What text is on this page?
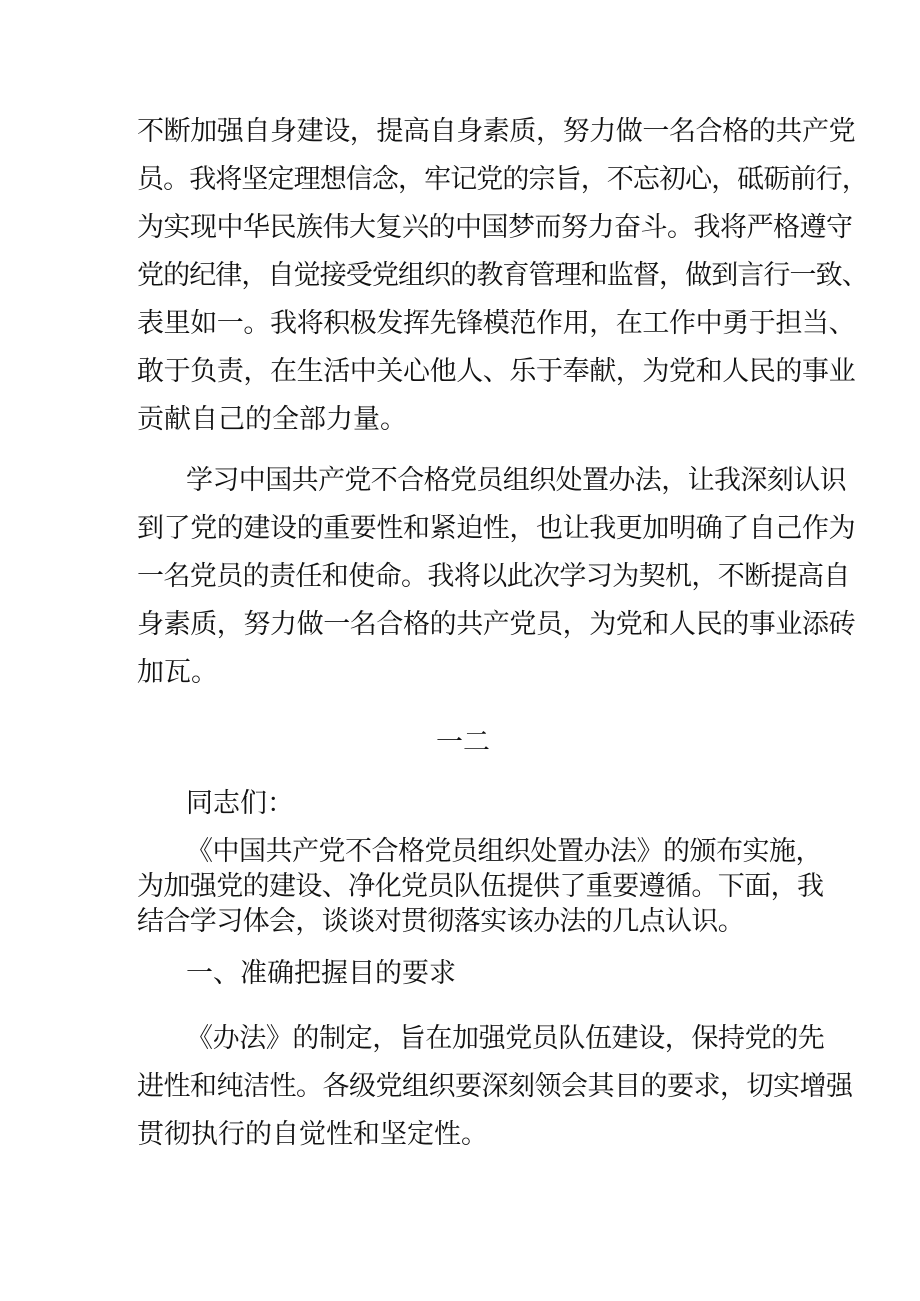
不断加强自身建设，提高自身素质，努力做一名合格的共产党
员。我将坚定理想信念，牢记党的宗旨，不忘初心，砥砺前行，
为实现中华民族伟大复兴的中国梦而努力奋斗。我将严格遵守
党的纪律，自觉接受党组织的教育管理和监督，做到言行一致、
表里如一。我将积极发挥先锋模范作用，在工作中勇于担当、
敢于负责，在生活中关心他人、乐于奉献，为党和人民的事业
贡献自己的全部力量。
学习中国共产党不合格党员组织处置办法，让我深刻认识
到了党的建设的重要性和紧迫性，也让我更加明确了自己作为
一名党员的责任和使命。我将以此次学习为契机，不断提高自
身素质，努力做一名合格的共产党员，为党和人民的事业添砖
加瓦。
一二
同志们：
《中国共产党不合格党员组织处置办法》的颁布实施，
为加强党的建设、净化党员队伍提供了重要遵循。下面，我
结合学习体会，谈谈对贯彻落实该办法的几点认识。
一、准确把握目的要求
《办法》的制定，旨在加强党员队伍建设，保持党的先
进性和纯洁性。各级党组织要深刻领会其目的要求，切实增强
贯彻执行的自觉性和坚定性。
